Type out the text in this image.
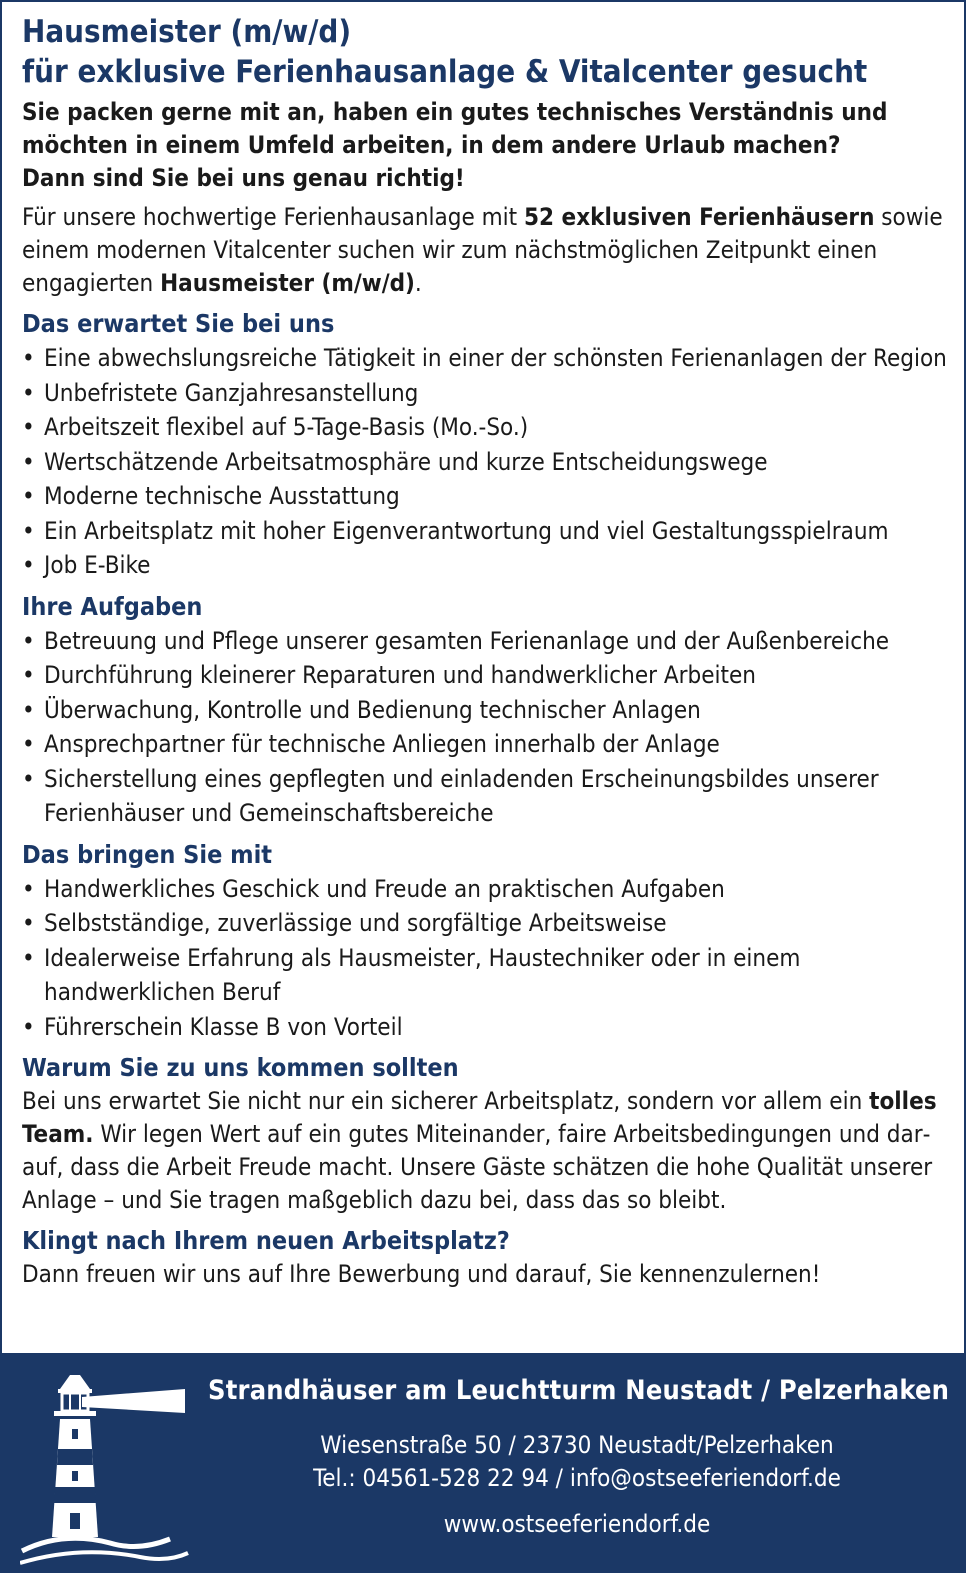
Hausmeister (m/w/d)
für exklusive Ferienhausanlage & Vitalcenter gesucht

Sie packen gerne mit an, haben ein gutes technisches Verständnis und
möchten in einem Umfeld arbeiten, in dem andere Urlaub machen?
Dann sind Sie bei uns genau richtig!

Für unsere hochwertige Ferienhausanlage mit 52 exklusiven Ferienhäusern sowie einem modernen Vitalcenter suchen wir zum nächstmöglichen Zeitpunkt einen engagierten Hausmeister (m/w/d).

Das erwartet Sie bei uns
• Eine abwechslungsreiche Tätigkeit in einer der schönsten Ferienanlagen der Region
• Unbefristete Ganzjahresanstellung
• Arbeitszeit flexibel auf 5-Tage-Basis (Mo.-So.)
• Wertschätzende Arbeitsatmosphäre und kurze Entscheidungswege
• Moderne technische Ausstattung
• Ein Arbeitsplatz mit hoher Eigenverantwortung und viel Gestaltungsspielraum
• Job E-Bike
Ihre Aufgaben
• Betreuung und Pflege unserer gesamten Ferienanlage und der Außenbereiche
• Durchführung kleinerer Reparaturen und handwerklicher Arbeiten
• Überwachung, Kontrolle und Bedienung technischer Anlagen
• Ansprechpartner für technische Anliegen innerhalb der Anlage
• Sicherstellung eines gepflegten und einladenden Erscheinungsbildes unserer Ferienhäuser und Gemeinschaftsbereiche
Das bringen Sie mit
• Handwerkliches Geschick und Freude an praktischen Aufgaben
• Selbstständige, zuverlässige und sorgfältige Arbeitsweise
• Idealerweise Erfahrung als Hausmeister, Haustechniker oder in einem handwerklichen Beruf
• Führerschein Klasse B von Vorteil
Warum Sie zu uns kommen sollten

Bei uns erwartet Sie nicht nur ein sicherer Arbeitsplatz, sondern vor allem ein tolles Team. Wir legen Wert auf ein gutes Miteinander, faire Arbeitsbedingungen und darauf, dass die Arbeit Freude macht. Unsere Gäste schätzen die hohe Qualität unserer Anlage – und Sie tragen maßgeblich dazu bei, dass das so bleibt.

Klingt nach Ihrem neuen Arbeitsplatz?

Dann freuen wir uns auf Ihre Bewerbung und darauf, Sie kennenzulernen!

Strandhäuser am Leuchtturm Neustadt / Pelzerhaken
Wiesenstraße 50 / 23730 Neustadt/Pelzerhaken
Tel.: 04561-528 22 94 / info@ostseeferiendorf.de
www.ostseeferiendorf.de
